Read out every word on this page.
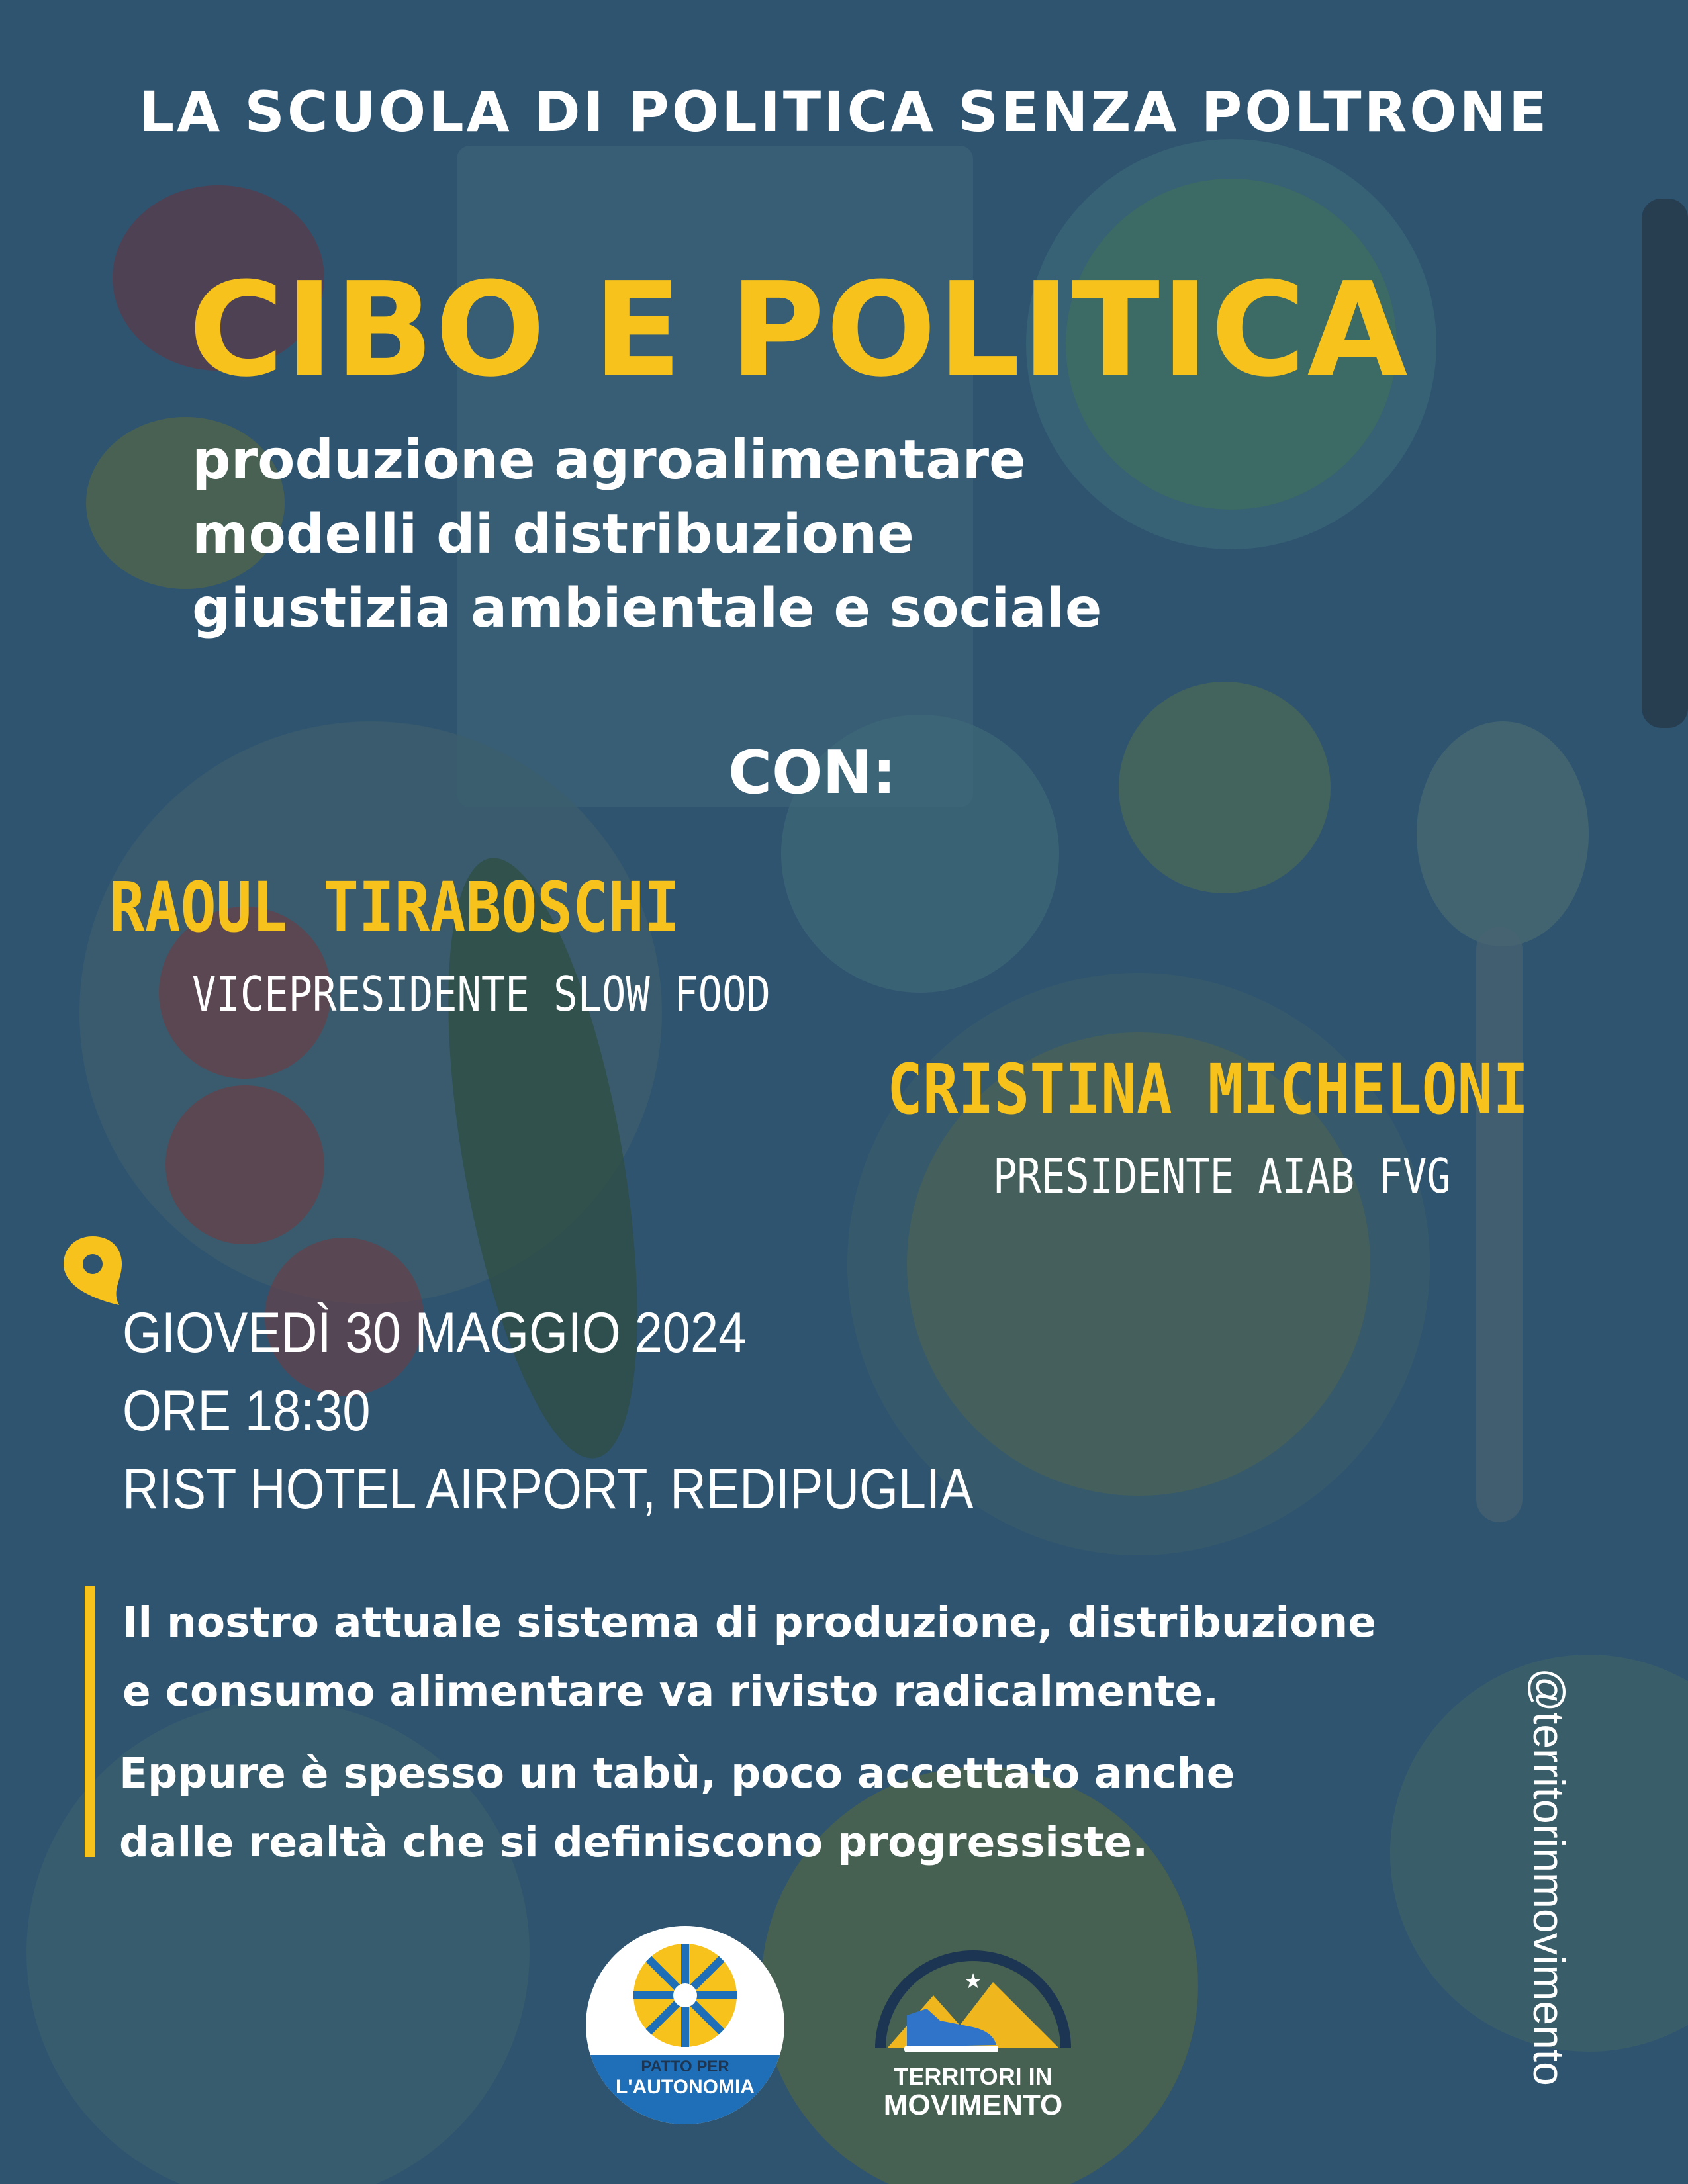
LA SCUOLA DI POLITICA SENZA POLTRONE
CIBO E POLITICA
produzione agroalimentare
modelli di distribuzione
giustizia ambientale e sociale
CON:
RAOUL TIRABOSCHI
VICEPRESIDENTE SLOW FOOD
CRISTINA MICHELONI
PRESIDENTE AIAB FVG
GIOVEDÌ 30 MAGGIO 2024
ORE 18:30
RIST HOTEL AIRPORT, REDIPUGLIA
Il nostro attuale sistema di produzione, distribuzione
e consumo alimentare va rivisto radicalmente.
Eppure è spesso un tabù, poco accettato anche
dalle realtà che si definiscono progressiste.	@territorinmovimento
PATTO PER
L'AUTONOMIA
★
TERRITORI IN
MOVIMENTO
